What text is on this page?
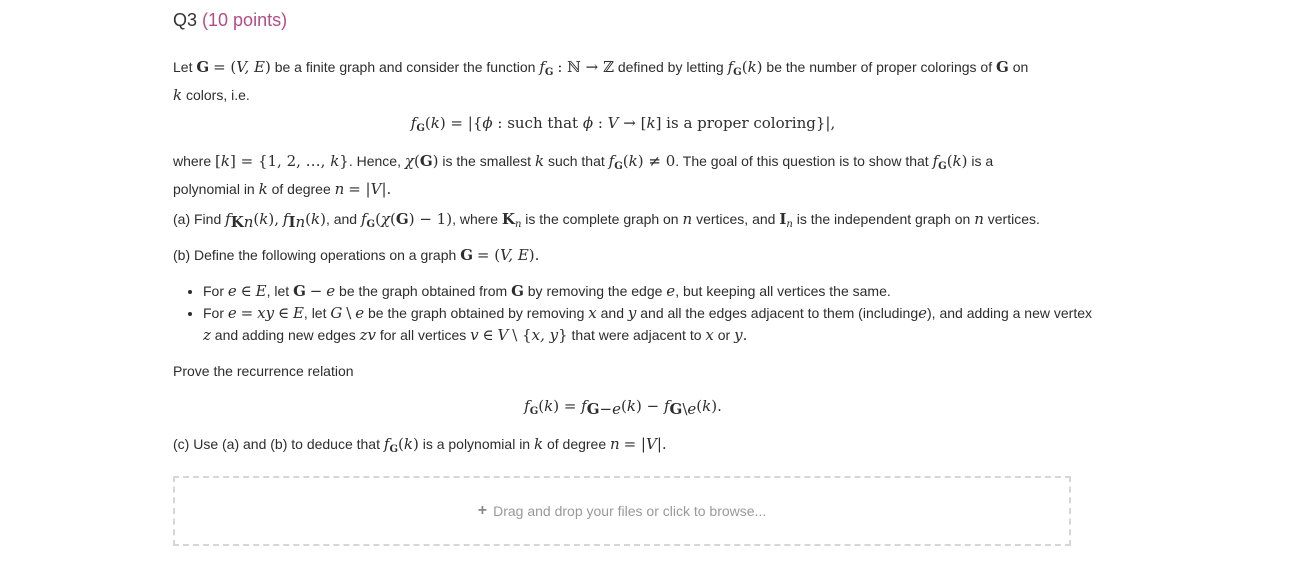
Q3 (10 points)
Let G = (V, E) be a finite graph and consider the function $f_G$ : ℕ → ℤ defined by letting $f_G(k)$ be the number of proper colorings of G on
k colors, i.e.
$f_G(k) = |\{\phi$ : such that ϕ : V → [k] is a proper coloring}|,
where [k] = {1, 2, …, k}. Hence, χ(G) is the smallest k such that $f_G(k) \ne 0$. The goal of this question is to show that $f_G(k)$ is a
polynomial in k of degree n = |V|.
(a) Find $f_{Kn}(k)$, $f_{In}(k)$, and $f_G(\chi(G) - 1)$, where $K_n$ is the complete graph on n vertices, and $I_n$ is the independent graph on n vertices.
(b) Define the following operations on a graph G = (V, E).
• For e ∈ E, let G − e be the graph obtained from G by removing the edge e, but keeping all vertices the same.
• For e = xy ∈ E, let G \ e be the graph obtained by removing x and y and all the edges adjacent to them (includinge), and adding a new vertex z and adding new edges zv for all vertices v ∈ V \ {x, y} that were adjacent to x or y.
Prove the recurrence relation
$f_G(k) = f_{G-e}(k) - f_{G\backslash e}(k)$.
(c) Use (a) and (b) to deduce that $f_G(k)$ is a polynomial in k of degree n = |V|.
+ Drag and drop your files or click to browse...
